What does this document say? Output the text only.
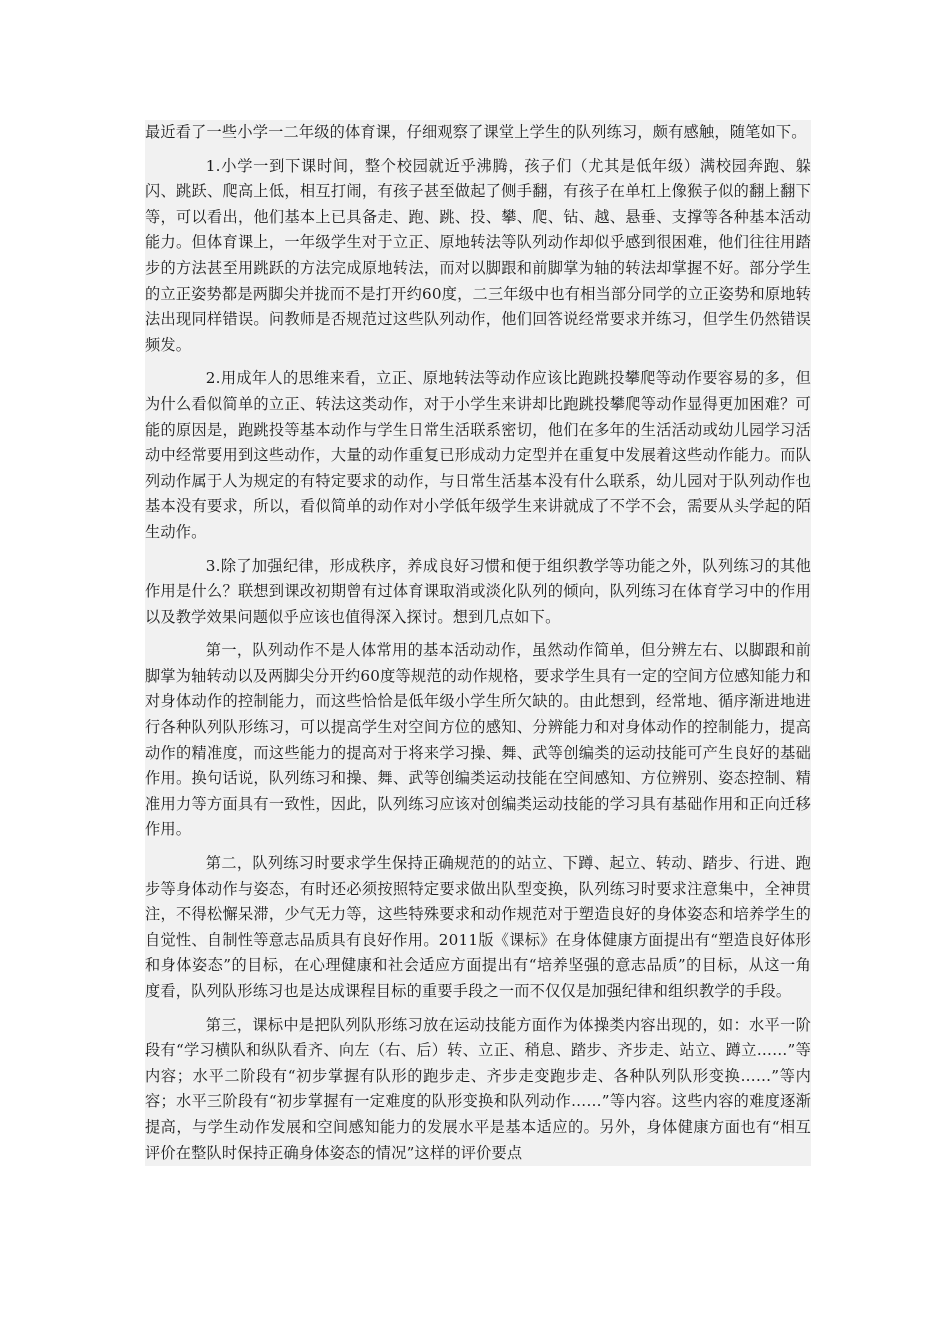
最近看了一些小学一二年级的体育课，仔细观察了课堂上学生的队列练习，颇有感触，随笔如下。

1.小学一到下课时间，整个校园就近乎沸腾，孩子们（尤其是低年级）满校园奔跑、躲闪、跳跃、爬高上低，相互打闹，有孩子甚至做起了侧手翻，有孩子在单杠上像猴子似的翻上翻下等，可以看出，他们基本上已具备走、跑、跳、投、攀、爬、钻、越、悬垂、支撑等各种基本活动能力。但体育课上，一年级学生对于立正、原地转法等队列动作却似乎感到很困难，他们往往用踏步的方法甚至用跳跃的方法完成原地转法，而对以脚跟和前脚掌为轴的转法却掌握不好。部分学生的立正姿势都是两脚尖并拢而不是打开约60度，二三年级中也有相当部分同学的立正姿势和原地转法出现同样错误。问教师是否规范过这些队列动作，他们回答说经常要求并练习，但学生仍然错误频发。

2.用成年人的思维来看，立正、原地转法等动作应该比跑跳投攀爬等动作要容易的多，但为什么看似简单的立正、转法这类动作，对于小学生来讲却比跑跳投攀爬等动作显得更加困难？可能的原因是，跑跳投等基本动作与学生日常生活联系密切，他们在多年的生活活动或幼儿园学习活动中经常要用到这些动作，大量的动作重复已形成动力定型并在重复中发展着这些动作能力。而队列动作属于人为规定的有特定要求的动作，与日常生活基本没有什么联系，幼儿园对于队列动作也基本没有要求，所以，看似简单的动作对小学低年级学生来讲就成了不学不会，需要从头学起的陌生动作。

3.除了加强纪律，形成秩序，养成良好习惯和便于组织教学等功能之外，队列练习的其他作用是什么？联想到课改初期曾有过体育课取消或淡化队列的倾向，队列练习在体育学习中的作用以及教学效果问题似乎应该也值得深入探讨。想到几点如下。

第一，队列动作不是人体常用的基本活动动作，虽然动作简单，但分辨左右、以脚跟和前脚掌为轴转动以及两脚尖分开约60度等规范的动作规格，要求学生具有一定的空间方位感知能力和对身体动作的控制能力，而这些恰恰是低年级小学生所欠缺的。由此想到，经常地、循序渐进地进行各种队列队形练习，可以提高学生对空间方位的感知、分辨能力和对身体动作的控制能力，提高动作的精准度，而这些能力的提高对于将来学习操、舞、武等创编类的运动技能可产生良好的基础作用。换句话说，队列练习和操、舞、武等创编类运动技能在空间感知、方位辨别、姿态控制、精准用力等方面具有一致性，因此，队列练习应该对创编类运动技能的学习具有基础作用和正向迁移作用。

第二，队列练习时要求学生保持正确规范的的站立、下蹲、起立、转动、踏步、行进、跑步等身体动作与姿态，有时还必须按照特定要求做出队型变换，队列练习时要求注意集中，全神贯注，不得松懈呆滞，少气无力等，这些特殊要求和动作规范对于塑造良好的身体姿态和培养学生的自觉性、自制性等意志品质具有良好作用。2011版《课标》在身体健康方面提出有“塑造良好体形和身体姿态”的目标，在心理健康和社会适应方面提出有“培养坚强的意志品质”的目标，从这一角度看，队列队形练习也是达成课程目标的重要手段之一而不仅仅是加强纪律和组织教学的手段。

第三，课标中是把队列队形练习放在运动技能方面作为体操类内容出现的，如：水平一阶段有“学习横队和纵队看齐、向左（右、后）转、立正、稍息、踏步、齐步走、站立、蹲立……”等内容；水平二阶段有“初步掌握有队形的跑步走、齐步走变跑步走、各种队列队形变换……”等内容；水平三阶段有“初步掌握有一定难度的队形变换和队列动作……”等内容。这些内容的难度逐渐提高，与学生动作发展和空间感知能力的发展水平是基本适应的。另外，身体健康方面也有“相互评价在整队时保持正确身体姿态的情况”这样的评价要点
